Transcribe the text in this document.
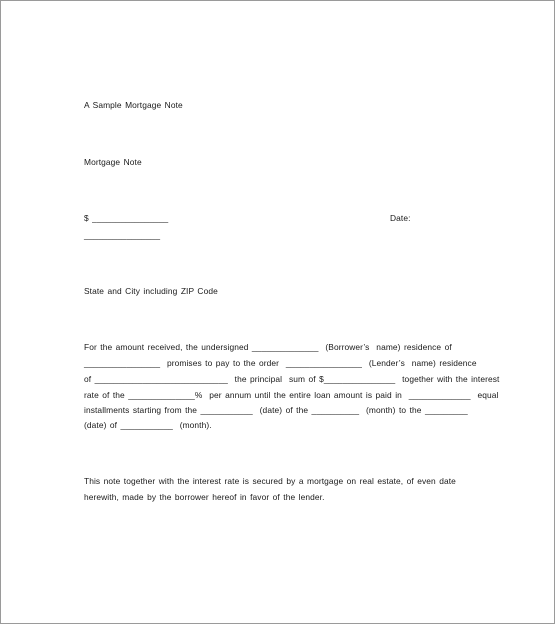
A Sample Mortgage Note
Mortgage Note
$ ________________	Date:
________________
State and City including ZIP Code
For the amount received, the undersigned ______________  (Borrower’s  name) residence of
________________  promises to pay to the order  ________________  (Lender’s  name) residence
of ____________________________  the principal  sum of $_______________  together with the interest
rate of the ______________%  per annum until the entire loan amount is paid in  _____________  equal
installments starting from the ___________  (date) of the __________  (month) to the _________
(date) of ___________  (month).
This note together with the interest rate is secured by a mortgage on real estate, of even date
herewith, made by the borrower hereof in favor of the lender.
